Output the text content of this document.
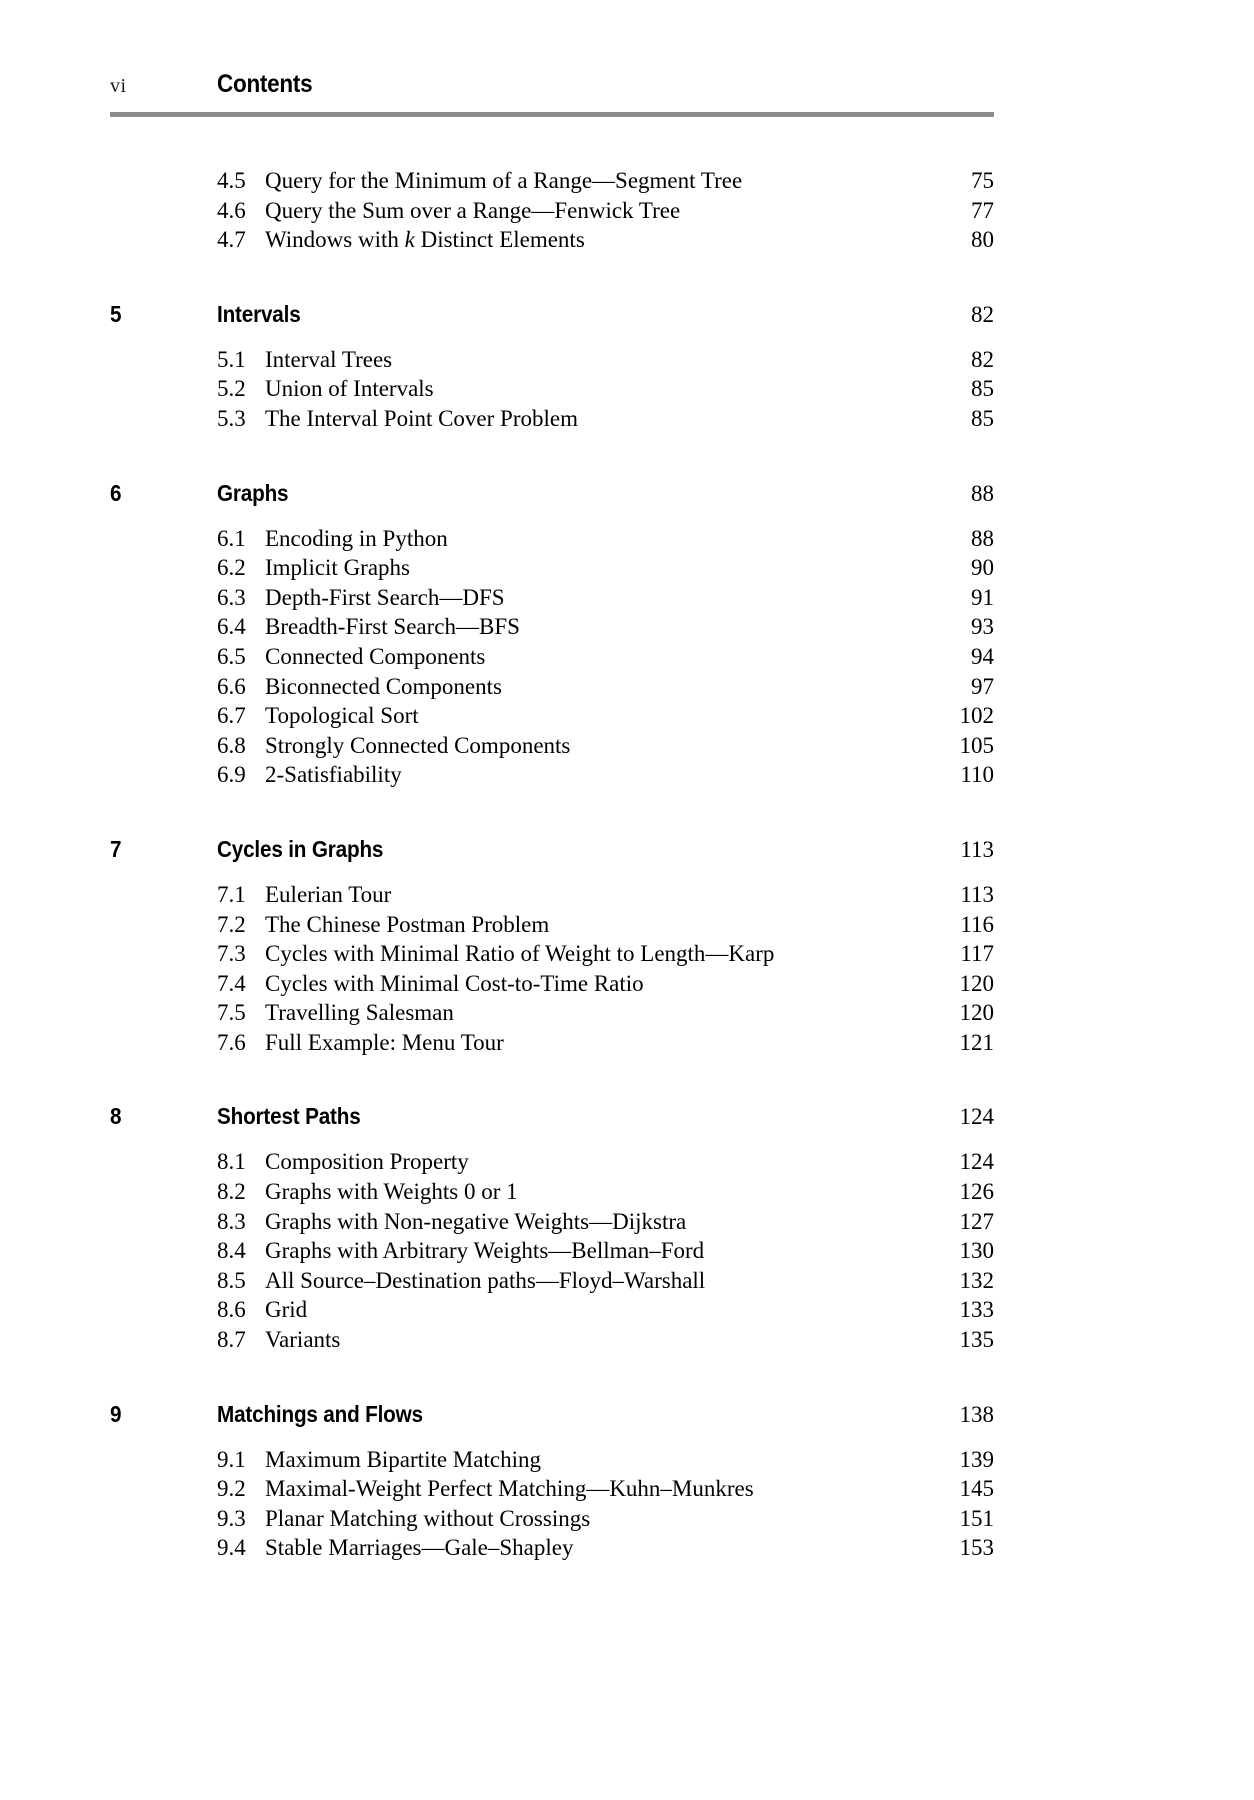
vi	Contents
4.5 Query for the Minimum of a Range—Segment Tree	75
4.6 Query the Sum over a Range—Fenwick Tree	77
4.7 Windows with k Distinct Elements	80
5	Intervals	82
5.1 Interval Trees	82
5.2 Union of Intervals	85
5.3 The Interval Point Cover Problem	85
6	Graphs	88
6.1 Encoding in Python	88
6.2 Implicit Graphs	90
6.3 Depth-First Search—DFS	91
6.4 Breadth-First Search—BFS	93
6.5 Connected Components	94
6.6 Biconnected Components	97
6.7 Topological Sort	102
6.8 Strongly Connected Components	105
6.9 2-Satisfiability	110
7	Cycles in Graphs	113
7.1 Eulerian Tour	113
7.2 The Chinese Postman Problem	116
7.3 Cycles with Minimal Ratio of Weight to Length—Karp	117
7.4 Cycles with Minimal Cost-to-Time Ratio	120
7.5 Travelling Salesman	120
7.6 Full Example: Menu Tour	121
8	Shortest Paths	124
8.1 Composition Property	124
8.2 Graphs with Weights 0 or 1	126
8.3 Graphs with Non-negative Weights—Dijkstra	127
8.4 Graphs with Arbitrary Weights—Bellman–Ford	130
8.5 All Source–Destination paths—Floyd–Warshall	132
8.6 Grid	133
8.7 Variants	135
9	Matchings and Flows	138
9.1 Maximum Bipartite Matching	139
9.2 Maximal-Weight Perfect Matching—Kuhn–Munkres	145
9.3 Planar Matching without Crossings	151
9.4 Stable Marriages—Gale–Shapley	153
